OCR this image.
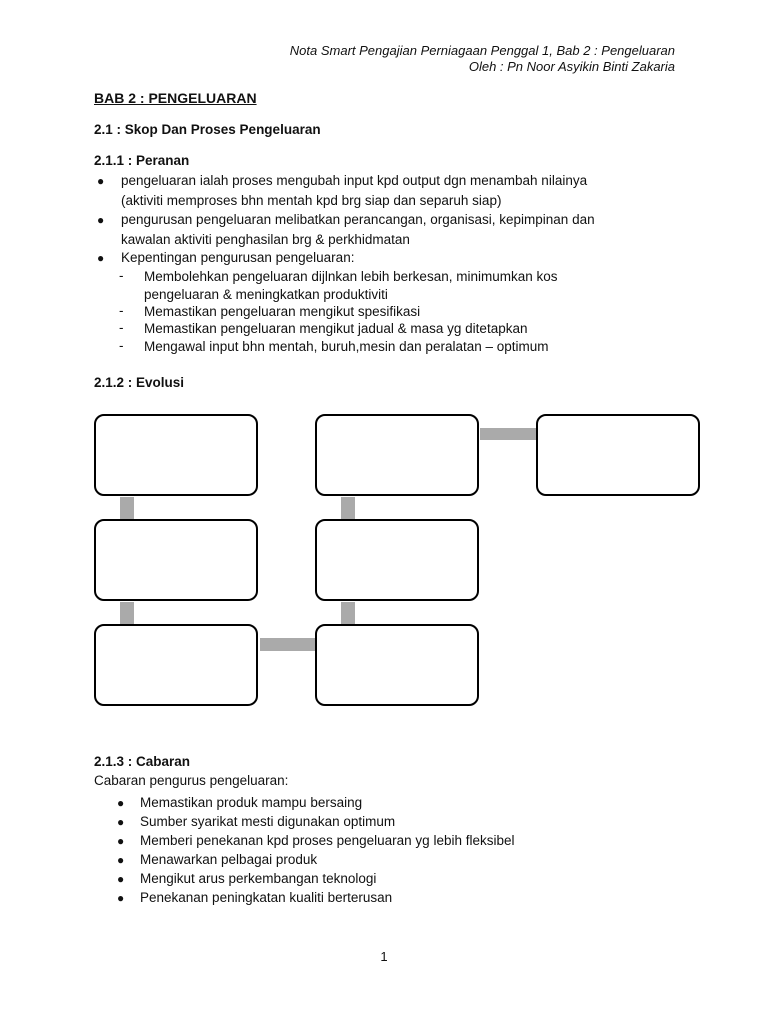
Nota Smart Pengajian Perniagaan Penggal 1, Bab 2 : Pengeluaran
Oleh : Pn Noor Asyikin Binti Zakaria
BAB 2 : PENGELUARAN
2.1 : Skop Dan Proses Pengeluaran
2.1.1 : Peranan
● pengeluaran ialah proses mengubah input kpd output dgn menambah nilainya
(aktiviti memproses bhn mentah kpd brg siap dan separuh siap)
● pengurusan pengeluaran melibatkan perancangan, organisasi, kepimpinan dan
kawalan aktiviti penghasilan brg & perkhidmatan
● Kepentingan pengurusan pengeluaran:
- Membolehkan pengeluaran dijlnkan lebih berkesan, minimumkan kos
pengeluaran & meningkatkan produktiviti
- Memastikan pengeluaran mengikut spesifikasi
- Memastikan pengeluaran mengikut jadual & masa yg ditetapkan
- Mengawal input bhn mentah, buruh,mesin dan peralatan – optimum
2.1.2 : Evolusi
2.1.3 : Cabaran
Cabaran pengurus pengeluaran:
● Memastikan produk mampu bersaing
● Sumber syarikat mesti digunakan optimum
● Memberi penekanan kpd proses pengeluaran yg lebih fleksibel
● Menawarkan pelbagai produk
● Mengikut arus perkembangan teknologi
● Penekanan peningkatan kualiti berterusan
1
